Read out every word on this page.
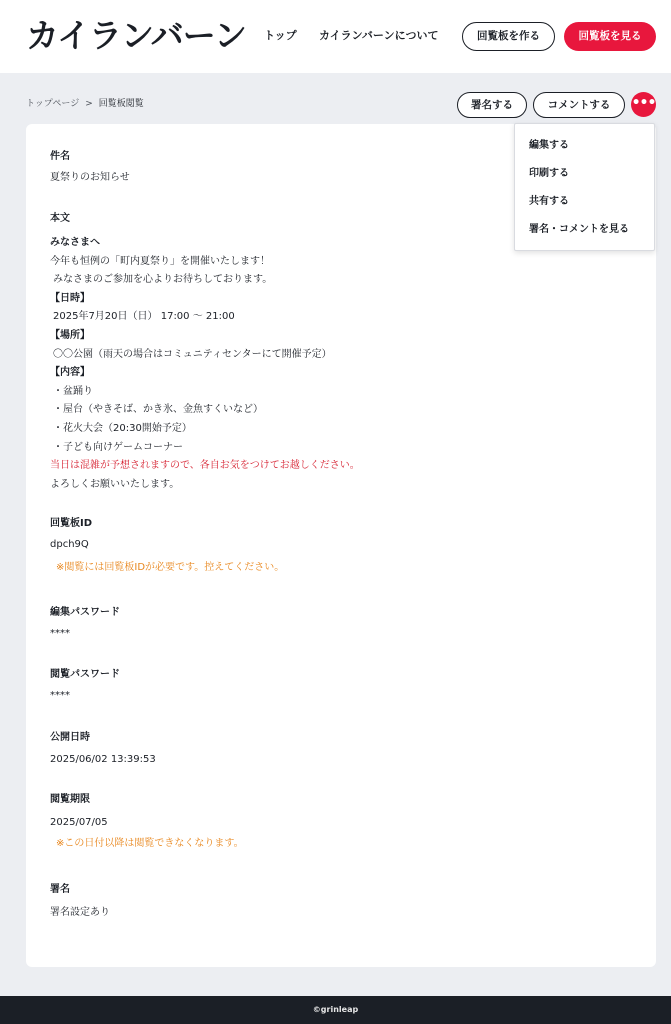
カイランバーン トップ カイランバーンについて	回覧板を作る	回覧板を見る
トップページ > 回覧板閲覧	署名する	コメントする	•••
件名
夏祭りのお知らせ
本文
みなさまへ
今年も恒例の「町内夏祭り」を開催いたします！
みなさまのご参加を心よりお待ちしております。
【日時】
2025年7月20日（日） 17:00 〜 21:00
【場所】
〇〇公園（雨天の場合はコミュニティセンターにて開催予定）
【内容】
・盆踊り
・屋台（やきそば、かき氷、金魚すくいなど）
・花火大会（20:30開始予定）
・子ども向けゲームコーナー
当日は混雑が予想されますので、各自お気をつけてお越しください。
よろしくお願いいたします。
回覧板ID
dpch9Q
※閲覧には回覧板IDが必要です。控えてください。
編集パスワード
****
閲覧パスワード
****
公開日時
2025/06/02 13:39:53
閲覧期限
2025/07/05
※この日付以降は閲覧できなくなります。
署名
署名設定あり
編集する
印刷する
共有する
署名・コメントを見る
©grinleap
